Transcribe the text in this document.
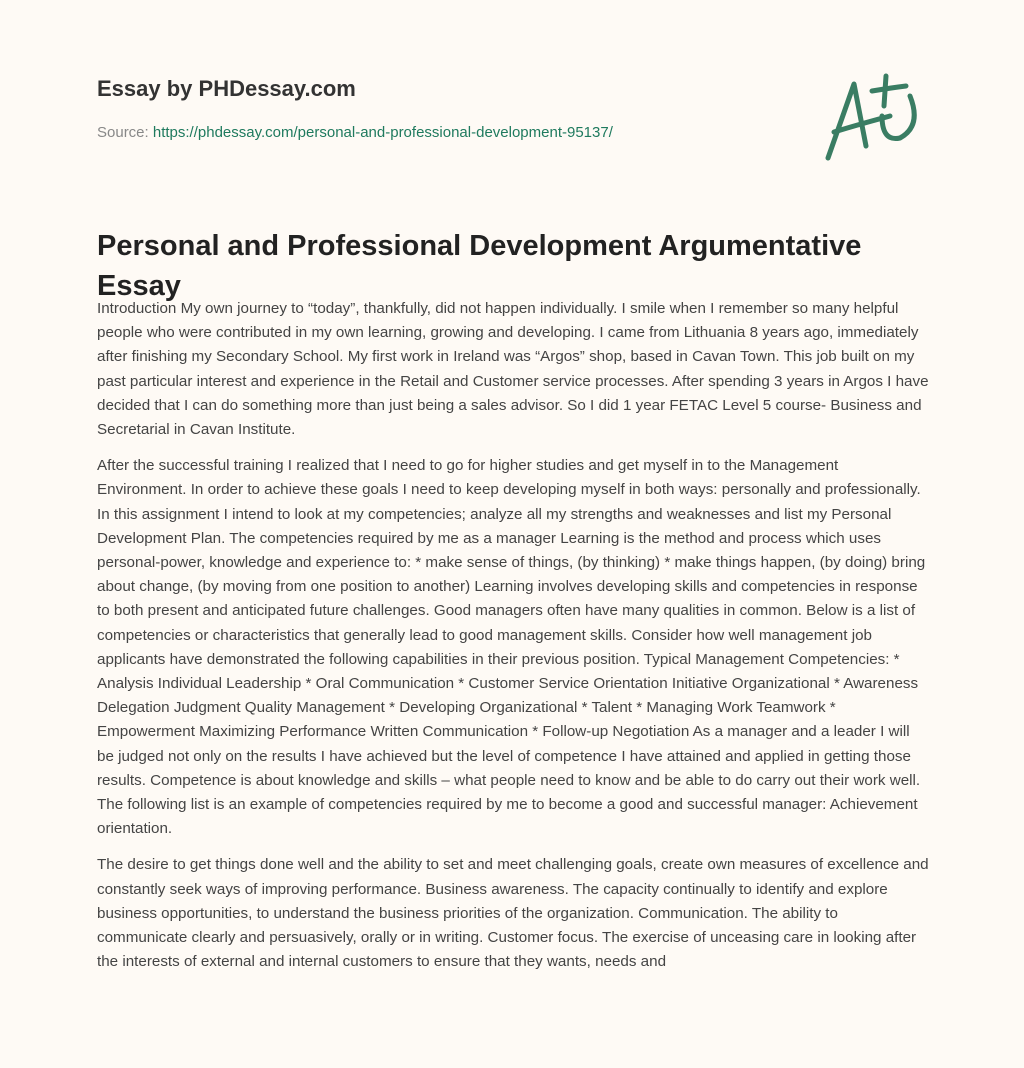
Essay by PHDessay.com
Source: https://phdessay.com/personal-and-professional-development-95137/
Personal and Professional Development Argumentative Essay

Introduction My own journey to “today”, thankfully, did not happen individually. I smile when I remember so many helpful people who were contributed in my own learning, growing and developing. I came from Lithuania 8 years ago, immediately after finishing my Secondary School. My first work in Ireland was “Argos” shop, based in Cavan Town. This job built on my past particular interest and experience in the Retail and Customer service processes. After spending 3 years in Argos I have decided that I can do something more than just being a sales advisor. So I did 1 year FETAC Level 5 course- Business and Secretarial in Cavan Institute.

After the successful training I realized that I need to go for higher studies and get myself in to the Management Environment. In order to achieve these goals I need to keep developing myself in both ways: personally and professionally. In this assignment I intend to look at my competencies; analyze all my strengths and weaknesses and list my Personal Development Plan. The competencies required by me as a manager Learning is the method and process which uses personal-power, knowledge and experience to: * make sense of things, (by thinking) * make things happen, (by doing) bring about change, (by moving from one position to another) Learning involves developing skills and competencies in response to both present and anticipated future challenges. Good managers often have many qualities in common. Below is a list of competencies or characteristics that generally lead to good management skills. Consider how well management job applicants have demonstrated the following capabilities in their previous position. Typical Management Competencies: * Analysis Individual Leadership * Oral Communication * Customer Service Orientation Initiative Organizational * Awareness Delegation Judgment Quality Management * Developing Organizational * Talent * Managing Work Teamwork * Empowerment Maximizing Performance Written Communication * Follow-up Negotiation As a manager and a leader I will be judged not only on the results I have achieved but the level of competence I have attained and applied in getting those results. Competence is about knowledge and skills – what people need to know and be able to do carry out their work well. The following list is an example of competencies required by me to become a good and successful manager: Achievement orientation.

The desire to get things done well and the ability to set and meet challenging goals, create own measures of excellence and constantly seek ways of improving performance. Business awareness. The capacity continually to identify and explore business opportunities, to understand the business priorities of the organization. Communication. The ability to communicate clearly and persuasively, orally or in writing. Customer focus. The exercise of unceasing care in looking after the interests of external and internal customers to ensure that they wants, needs and
